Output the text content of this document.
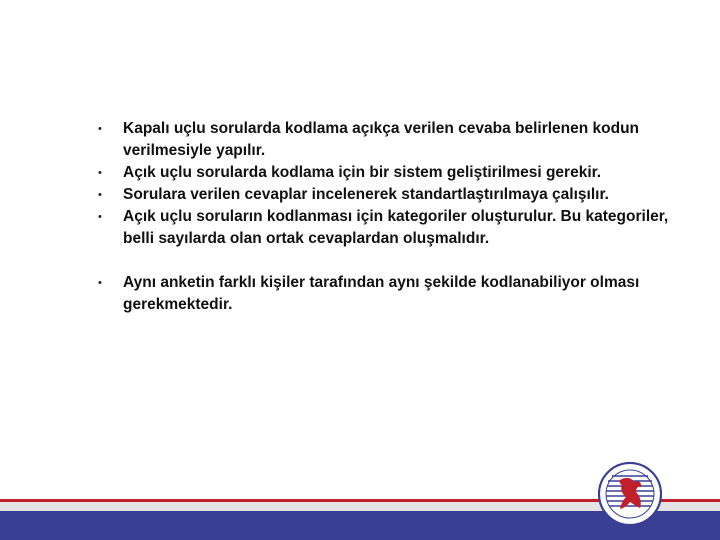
• Kapalı uçlu sorularda kodlama açıkça verilen cevaba belirlenen kodun verilmesiyle yapılır.
• Açık uçlu sorularda kodlama için bir sistem geliştirilmesi gerekir.
• Sorulara verilen cevaplar incelenerek standartlaştırılmaya çalışılır.
• Açık uçlu soruların kodlanması için kategoriler oluşturulur. Bu kategoriler, belli sayılarda olan ortak cevaplardan oluşmalıdır.
• Aynı anketin farklı kişiler tarafından aynı şekilde kodlanabiliyor olması gerekmektedir.
